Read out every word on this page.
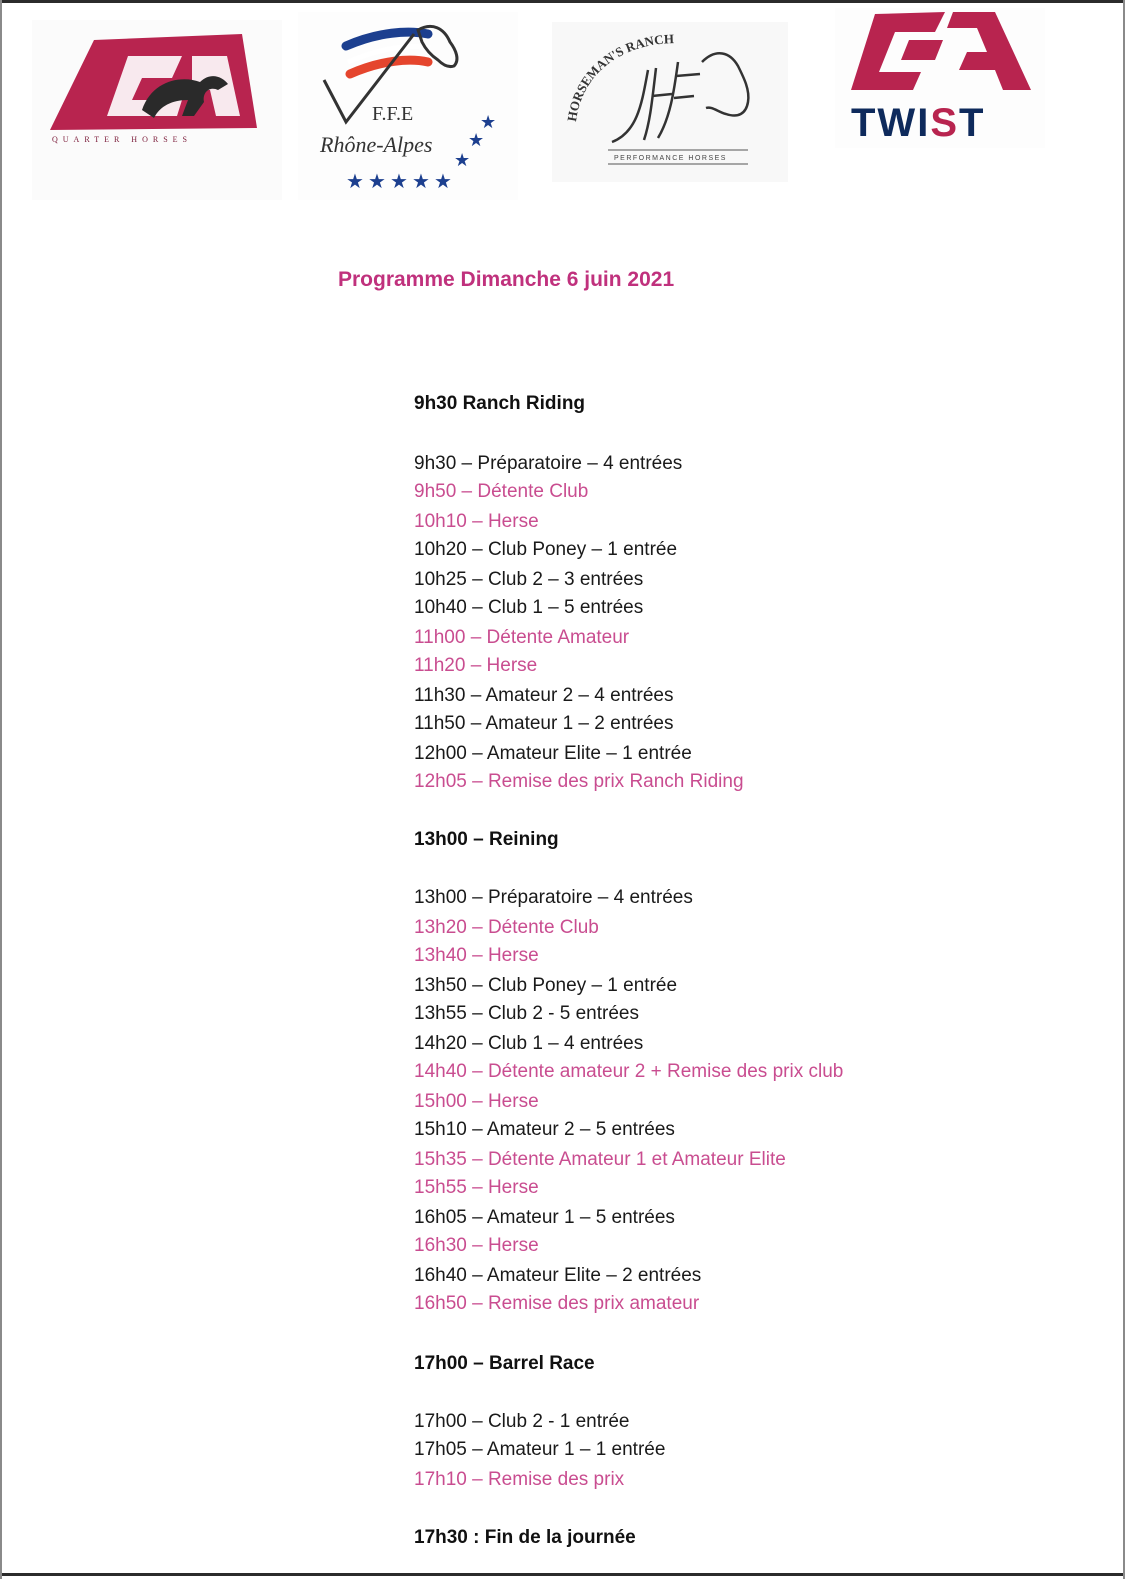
QUARTER HORSES
F.F.E
Rhône-Alpes
★ ★ ★ ★ ★
★
★
★	HORSEMAN'S RANCH
PERFORMANCE HORSES
TWIST
Programme Dimanche 6 juin 2021
9h30 Ranch Riding
9h30 – Préparatoire – 4 entrées
9h50 – Détente Club
10h10 – Herse
10h20 – Club Poney – 1 entrée
10h25 – Club 2 – 3 entrées
10h40 – Club 1 – 5 entrées
11h00 – Détente Amateur
11h20 – Herse
11h30 – Amateur 2 – 4 entrées
11h50 – Amateur 1 – 2 entrées
12h00 – Amateur Elite – 1 entrée
12h05 – Remise des prix Ranch Riding
13h00 – Reining
13h00 – Préparatoire – 4 entrées
13h20 – Détente Club
13h40 – Herse
13h50 – Club Poney – 1 entrée
13h55 – Club 2 - 5 entrées
14h20 – Club 1 – 4 entrées
14h40 – Détente amateur 2 + Remise des prix club
15h00 – Herse
15h10 – Amateur 2 – 5 entrées
15h35 – Détente Amateur 1 et Amateur Elite
15h55 – Herse
16h05 – Amateur 1 – 5 entrées
16h30 – Herse
16h40 – Amateur Elite – 2 entrées
16h50 – Remise des prix amateur
17h00 – Barrel Race
17h00 – Club 2 - 1 entrée
17h05 – Amateur 1 – 1 entrée
17h10 – Remise des prix
17h30 : Fin de la journée
